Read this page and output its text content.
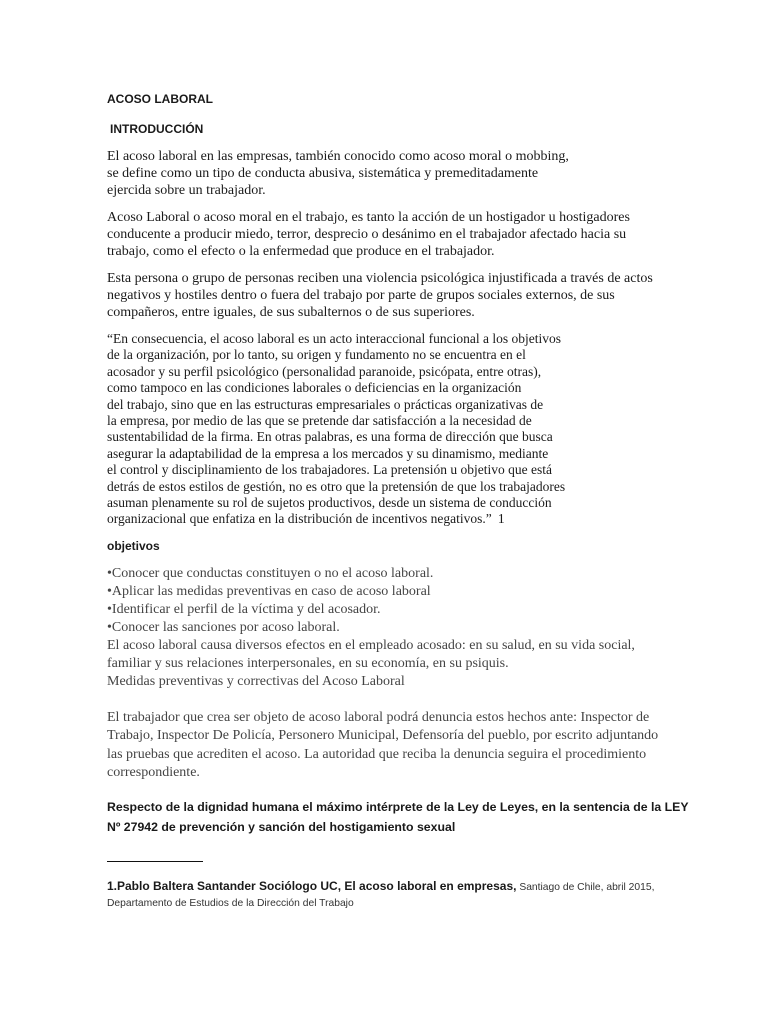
ACOSO LABORAL
INTRODUCCIÓN

El acoso laboral en las empresas, también conocido como acoso moral o mobbing,

se define como un tipo de conducta abusiva, sistemática y premeditadamente

ejercida sobre un trabajador.

Acoso Laboral o acoso moral en el trabajo, es tanto la acción de un hostigador u hostigadores

conducente a producir miedo, terror, desprecio o desánimo en el trabajador afectado hacia su

trabajo, como el efecto o la enfermedad que produce en el trabajador.

Esta persona o grupo de personas reciben una violencia psicológica injustificada a través de actos

negativos y hostiles dentro o fuera del trabajo por parte de grupos sociales externos, de sus

compañeros, entre iguales, de sus subalternos o de sus superiores.

“En consecuencia, el acoso laboral es un acto interaccional funcional a los objetivos

de la organización, por lo tanto, su origen y fundamento no se encuentra en el

acosador y su perfil psicológico (personalidad paranoide, psicópata, entre otras),

como tampoco en las condiciones laborales o deficiencias en la organización

del trabajo, sino que en las estructuras empresariales o prácticas organizativas de

la empresa, por medio de las que se pretende dar satisfacción a la necesidad de

sustentabilidad de la firma. En otras palabras, es una forma de dirección que busca

asegurar la adaptabilidad de la empresa a los mercados y su dinamismo, mediante

el control y disciplinamiento de los trabajadores. La pretensión u objetivo que está

detrás de estos estilos de gestión, no es otro que la pretensión de que los trabajadores

asuman plenamente su rol de sujetos productivos, desde un sistema de conducción

organizacional que enfatiza en la distribución de incentivos negativos.” 1

objetivos
•Conocer que conductas constituyen o no el acoso laboral.
•Aplicar las medidas preventivas en caso de acoso laboral
•Identificar el perfil de la víctima y del acosador.
•Conocer las sanciones por acoso laboral.

El acoso laboral causa diversos efectos en el empleado acosado: en su salud, en su vida social,

familiar y sus relaciones interpersonales, en su economía, en su psiquis.

Medidas preventivas y correctivas del Acoso Laboral

El trabajador que crea ser objeto de acoso laboral podrá denuncia estos hechos ante: Inspector de

Trabajo, Inspector De Policía, Personero Municipal, Defensoría del pueblo, por escrito adjuntando

las pruebas que acrediten el acoso. La autoridad que reciba la denuncia seguira el procedimiento

correspondiente.

Respecto de la dignidad humana el máximo intérprete de la Ley de Leyes, en la sentencia de la LEY

Nº 27942 de prevención y sanción del hostigamiento sexual

1.Pablo Baltera Santander Sociólogo UC, El acoso laboral en empresas, Santiago de Chile, abril 2015,
Departamento de Estudios de la Dirección del Trabajo
